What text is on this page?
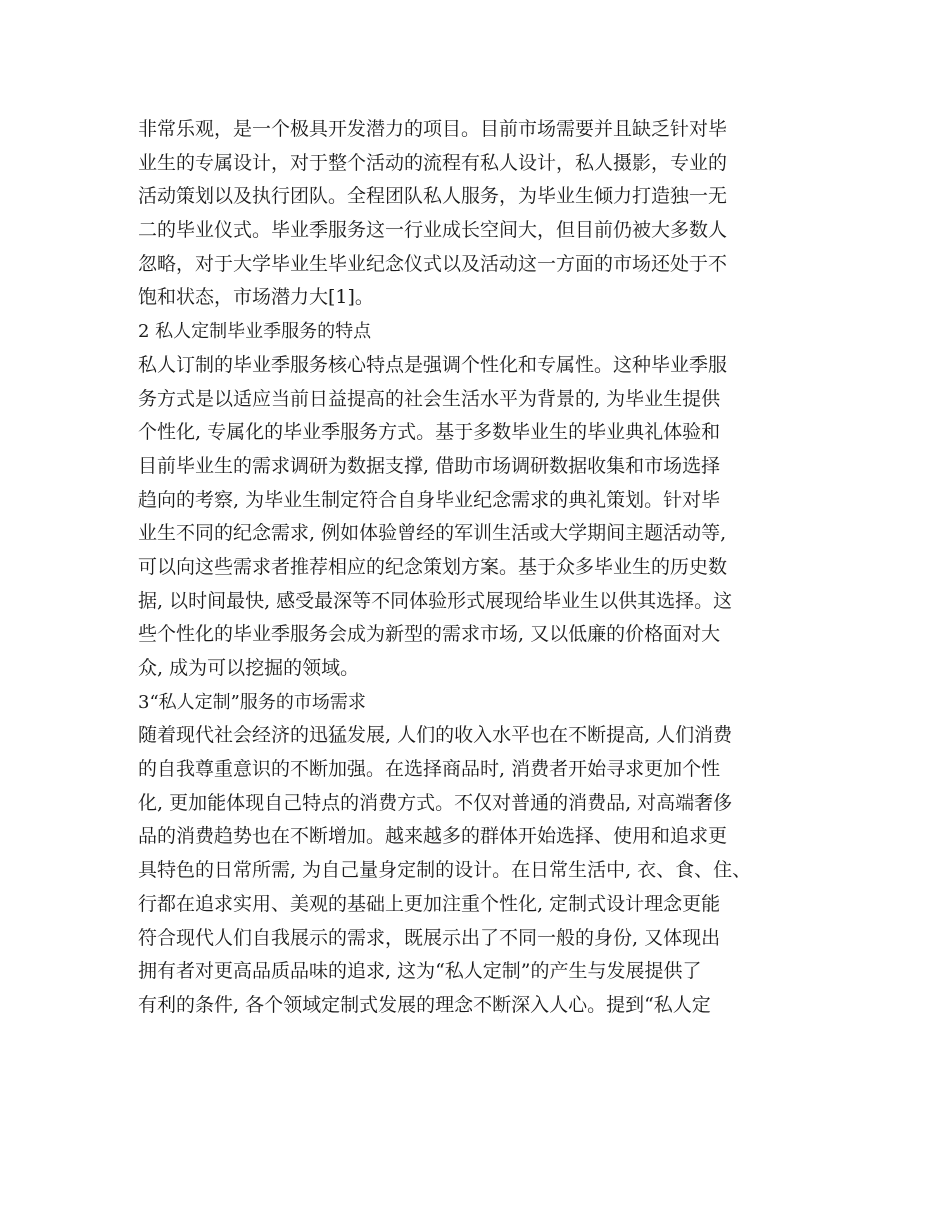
非常乐观，是一个极具开发潜力的项目。目前市场需要并且缺乏针对毕
业生的专属设计，对于整个活动的流程有私人设计，私人摄影，专业的
活动策划以及执行团队。全程团队私人服务，为毕业生倾力打造独一无
二的毕业仪式。毕业季服务这一行业成长空间大，但目前仍被大多数人
忽略，对于大学毕业生毕业纪念仪式以及活动这一方面的市场还处于不
饱和状态，市场潜力大[1]。
2 私人定制毕业季服务的特点
私人订制的毕业季服务核心特点是强调个性化和专属性。这种毕业季服
务方式是以适应当前日益提高的社会生活水平为背景的, 为毕业生提供
个性化, 专属化的毕业季服务方式。基于多数毕业生的毕业典礼体验和
目前毕业生的需求调研为数据支撑, 借助市场调研数据收集和市场选择
趋向的考察, 为毕业生制定符合自身毕业纪念需求的典礼策划。针对毕
业生不同的纪念需求, 例如体验曾经的军训生活或大学期间主题活动等,
可以向这些需求者推荐相应的纪念策划方案。基于众多毕业生的历史数
据, 以时间最快, 感受最深等不同体验形式展现给毕业生以供其选择。这
些个性化的毕业季服务会成为新型的需求市场, 又以低廉的价格面对大
众, 成为可以挖掘的领域。
3“私人定制”服务的市场需求
随着现代社会经济的迅猛发展, 人们的收入水平也在不断提高, 人们消费
的自我尊重意识的不断加强。在选择商品时, 消费者开始寻求更加个性
化, 更加能体现自己特点的消费方式。不仅对普通的消费品, 对高端奢侈
品的消费趋势也在不断增加。越来越多的群体开始选择、使用和追求更
具特色的日常所需, 为自己量身定制的设计。在日常生活中, 衣、食、住、
行都在追求实用、美观的基础上更加注重个性化, 定制式设计理念更能
符合现代人们自我展示的需求，既展示出了不同一般的身份, 又体现出
拥有者对更高品质品味的追求, 这为“私人定制”的产生与发展提供了
有利的条件, 各个领域定制式发展的理念不断深入人心。提到“私人定
